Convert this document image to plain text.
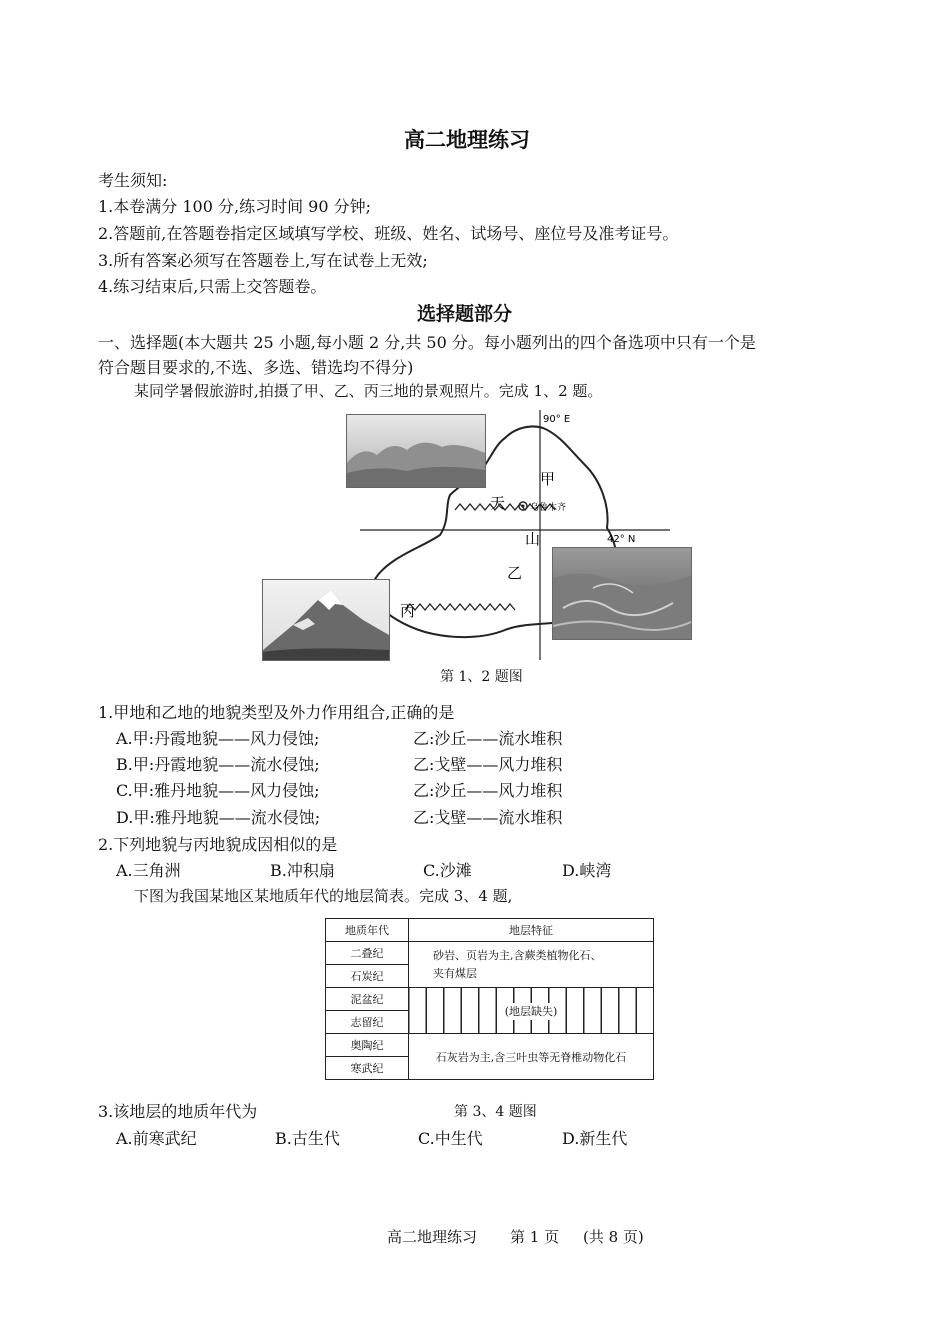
高二地理练习
考生须知:
1.本卷满分 100 分,练习时间 90 分钟;
2.答题前,在答题卷指定区域填写学校、班级、姓名、试场号、座位号及准考证号。
3.所有答案必须写在答题卷上,写在试卷上无效;
4.练习结束后,只需上交答题卷。
选择题部分
一、选择题(本大题共 25 小题,每小题 2 分,共 50 分。每小题列出的四个备选项中只有一个是
符合题目要求的,不选、多选、错选均不得分)
某同学暑假旅游时,拍摄了甲、乙、丙三地的景观照片。完成 1、2 题。
乌鲁木齐
90° E
42° N
甲
天
山
乙
丙
第 1、2 题图
1.甲地和乙地的地貌类型及外力作用组合,正确的是
A.甲:丹霞地貌——风力侵蚀;	乙:沙丘——流水堆积
B.甲:丹霞地貌——流水侵蚀;	乙:戈壁——风力堆积
C.甲:雅丹地貌——风力侵蚀;	乙:沙丘——风力堆积
D.甲:雅丹地貌——流水侵蚀;	乙:戈壁——流水堆积
2.下列地貌与丙地貌成因相似的是
A.三角洲	B.冲积扇	C.沙滩	D.峡湾
下图为我国某地区某地质年代的地层简表。完成 3、4 题,
地质年代	地层特征
二叠纪	砂岩、页岩为主,含蕨类植物化石、
夹有煤层

石炭纪	
泥盆纪	(地层缺失)
志留纪	
奥陶纪	石灰岩为主,含三叶虫等无脊椎动物化石
寒武纪	
3.该地层的地质年代为	第 3、4 题图
A.前寒武纪	B.古生代	C.中生代	D.新生代
高二地理练习 第 1 页 (共 8 页)
